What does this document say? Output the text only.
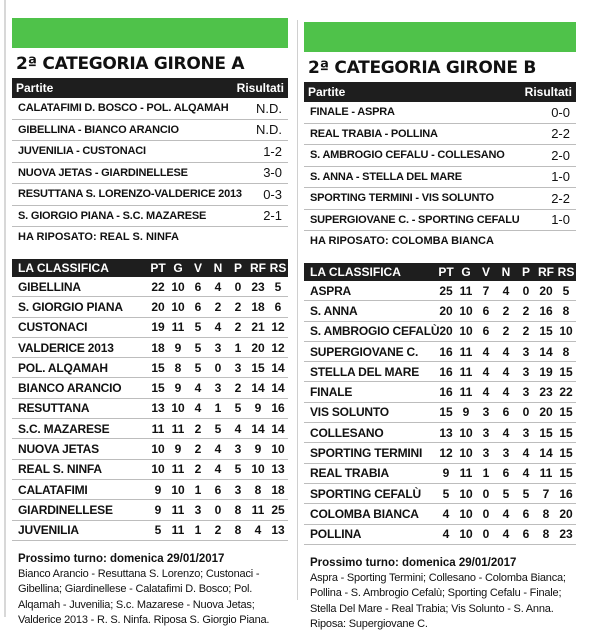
2ª CATEGORIA GIRONE A
Partite	Risultati
CALATAFIMI D. BOSCO - POL. ALQAMAH	N.D.
GIBELLINA - BIANCO ARANCIO	N.D.
JUVENILIA - CUSTONACI	1-2
NUOVA JETAS - GIARDINELLESE	3-0
RESUTTANA S. LORENZO-VALDERICE 2013	0-3
S. GIORGIO PIANA - S.C. MAZARESE	2-1
HA RIPOSATO: REAL S. NINFA
LA CLASSIFICA	PT	G	V	N	P	RF	RS
GIBELLINA	22	10	6	4	0	23	5
S. GIORGIO PIANA	20	10	6	2	2	18	6
CUSTONACI	19	11	5	4	2	21	12
VALDERICE 2013	18	9	5	3	1	20	12
POL. ALQAMAH	15	8	5	0	3	15	14
BIANCO ARANCIO	15	9	4	3	2	14	14
RESUTTANA	13	10	4	1	5	9	16
S.C. MAZARESE	11	11	2	5	4	14	14
NUOVA JETAS	10	9	2	4	3	9	10
REAL S. NINFA	10	11	2	4	5	10	13
CALATAFIMI	9	10	1	6	3	8	18
GIARDINELLESE	9	11	3	0	8	11	25
JUVENILIA	5	11	1	2	8	4	13
Prossimo turno: domenica 29/01/2017
Bianco Arancio - Resuttana S. Lorenzo; Custonaci - Gibellina; Giardinellese - Calatafimi D. Bosco; Pol. Alqamah - Juvenilia; S.c. Mazarese - Nuova Jetas; Valderice 2013 - R. S. Ninfa. Riposa S. Giorgio Piana.
2ª CATEGORIA GIRONE B
Partite	Risultati
FINALE - ASPRA	0-0
REAL TRABIA - POLLINA	2-2
S. AMBROGIO CEFALU - COLLESANO	2-0
S. ANNA - STELLA DEL MARE	1-0
SPORTING TERMINI - VIS SOLUNTO	2-2
SUPERGIOVANE C. - SPORTING CEFALU	1-0
HA RIPOSATO: COLOMBA BIANCA
LA CLASSIFICA	PT	G	V	N	P	RF	RS
ASPRA	25	11	7	4	0	20	5
S. ANNA	20	10	6	2	2	16	8
S. AMBROGIO CEFALÙ	20	10	6	2	2	15	10
SUPERGIOVANE C.	16	11	4	4	3	14	8
STELLA DEL MARE	16	11	4	4	3	19	15
FINALE	16	11	4	4	3	23	22
VIS SOLUNTO	15	9	3	6	0	20	15
COLLESANO	13	10	3	4	3	15	15
SPORTING TERMINI	12	10	3	3	4	14	15
REAL TRABIA	9	11	1	6	4	11	15
SPORTING CEFALÙ	5	10	0	5	5	7	16
COLOMBA BIANCA	4	10	0	4	6	8	20
POLLINA	4	10	0	4	6	8	23
Prossimo turno: domenica 29/01/2017
Aspra - Sporting Termini; Collesano - Colomba Bianca; Pollina - S. Ambrogio Cefalù; Sporting Cefalu - Finale; Stella Del Mare - Real Trabia; Vis Solunto - S. Anna. Riposa: Supergiovane C.
